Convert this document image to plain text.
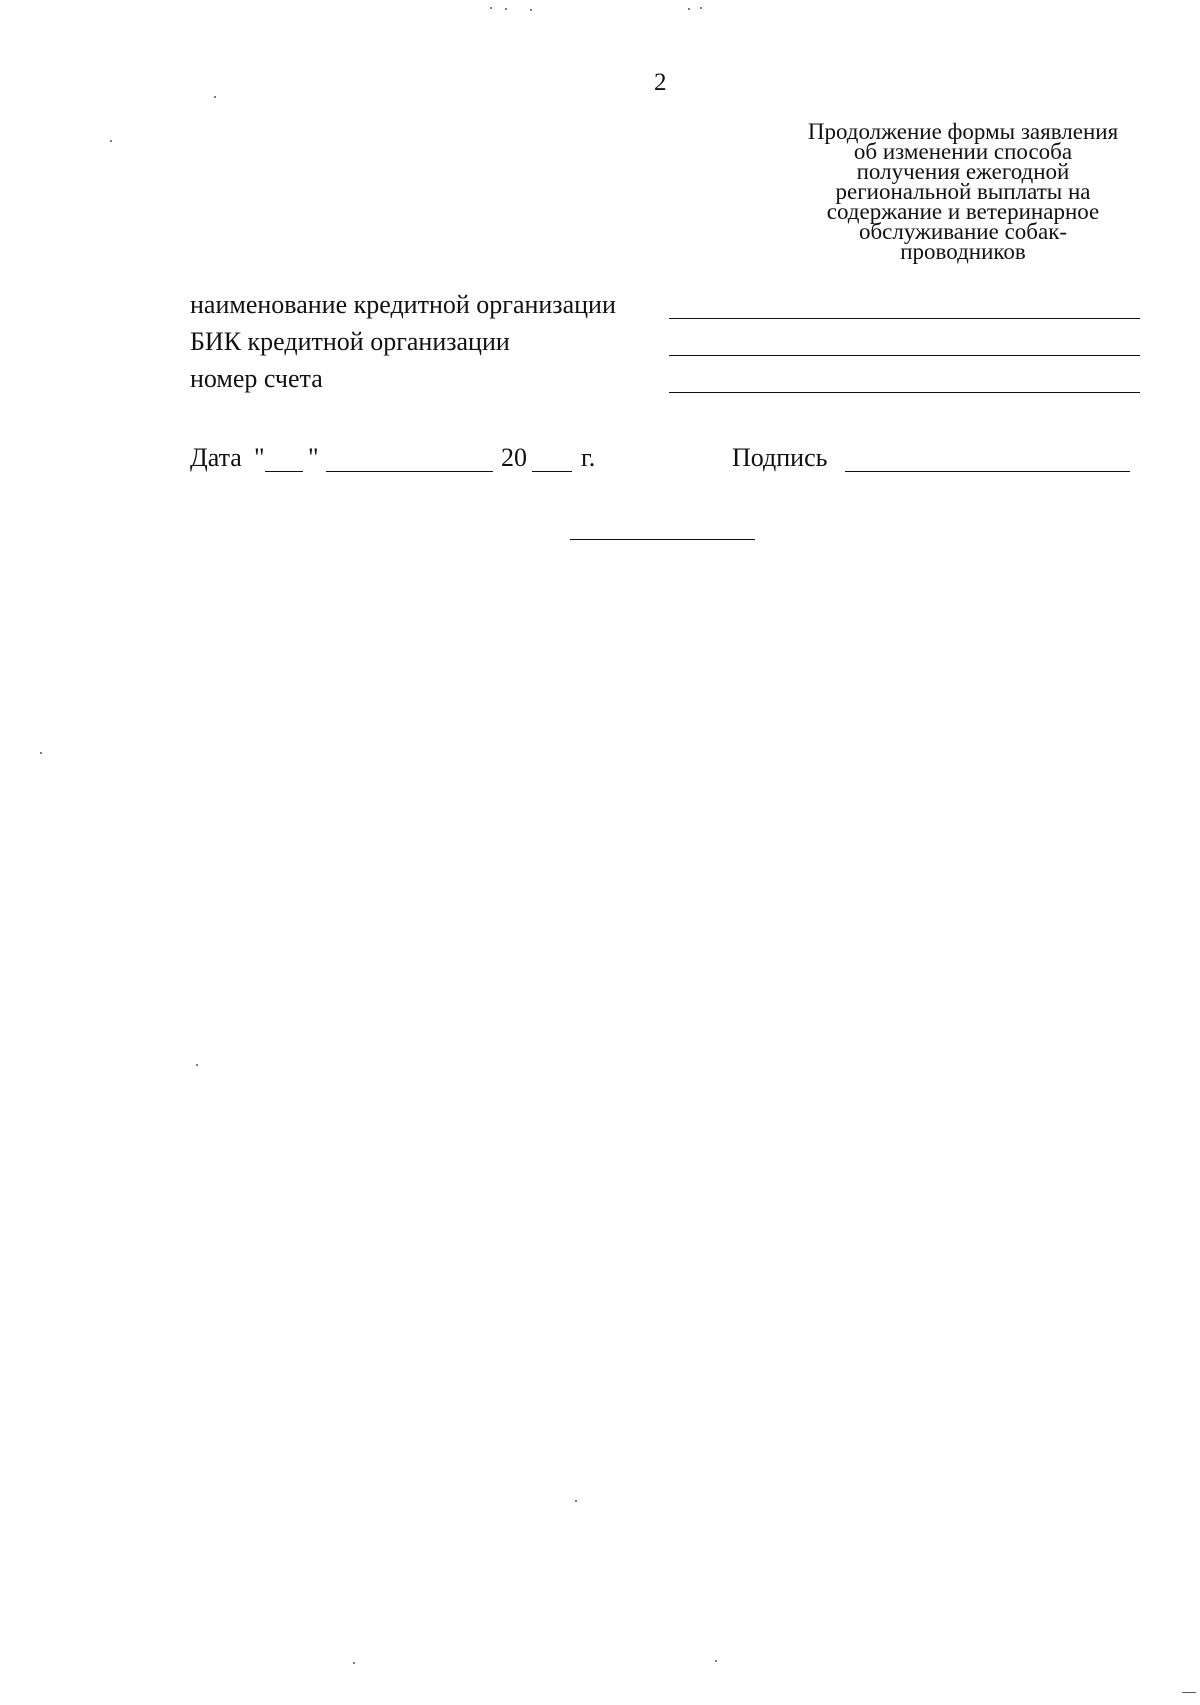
2
Продолжение формы заявления
об изменении способа
получения ежегодной
региональной выплаты на
содержание и ветеринарное
обслуживание собак-
проводников
наименование кредитной организации
БИК кредитной организации
номер счета
Дата " "	20 г.	Подпись
